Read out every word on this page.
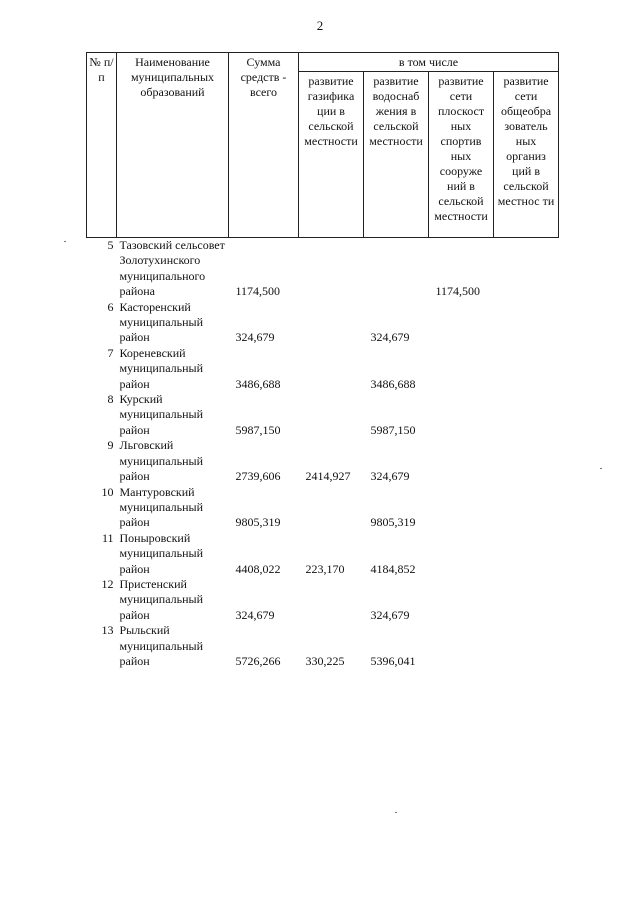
2
№ п/п	Наименование муниципальных образований	Сумма средств - всего	в том числе			
			развитие газифика ции в сельской местности	развитие водоснаб жения в сельской местности	развитие сети плоскост ных спортив ных сооруже ний в сельской местности	развитие сети общеобра зователь ных организ ций в сельской местнос ти
5	Тазовский сельсовет Золотухинского муниципального района	1174,500			1174,500	
6	Касторенский муниципальный район	324,679		324,679		
7	Кореневский муниципальный район	3486,688		3486,688		
8	Курский муниципальный район	5987,150		5987,150		
9	Льговский муниципальный район	2739,606	2414,927	324,679		
10	Мантуровский муниципальный район	9805,319		9805,319		
11	Поныровский муниципальный район	4408,022	223,170	4184,852		
12	Пристенский муниципальный район	324,679		324,679		
13	Рыльский муниципальный район	5726,266	330,225	5396,041		
